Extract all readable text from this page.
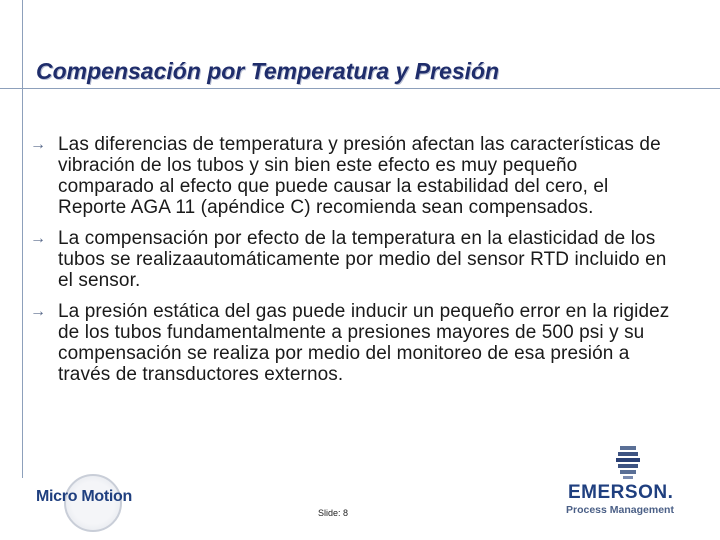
Compensación por Temperatura y Presión
→ Las diferencias de temperatura y presión afectan las características de vibración de los tubos y sin bien este efecto es muy pequeño comparado al efecto que puede causar la estabilidad del cero, el Reporte AGA 11 (apéndice C) recomienda sean compensados.
→ La compensación por efecto de la temperatura en la elasticidad de los tubos se realizaautomáticamente por medio del sensor RTD incluido en el sensor.
→ La presión estática del gas puede inducir un pequeño error en la rigidez de los tubos fundamentalmente a presiones mayores de 500 psi y su compensación se realiza por medio del monitoreo de esa presión a través de transductores externos.
Micro Motion
Slide: 8
EMERSON.
Process Management
